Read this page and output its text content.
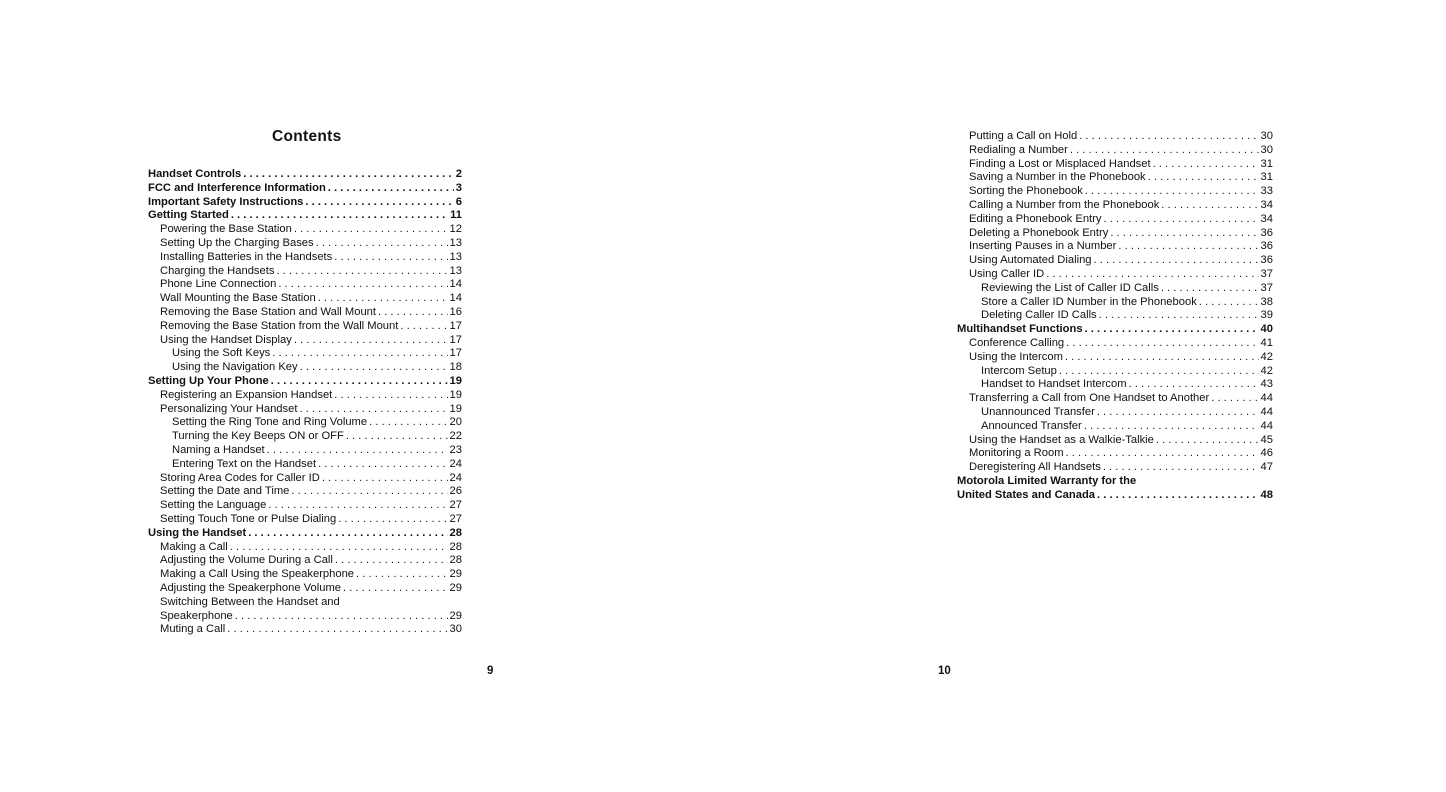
Contents
Handset Controls . . .	2
FCC and Interference Information . . .	3
Important Safety Instructions . . .	6
Getting Started . . .	11
Powering the Base Station . . .	12
Setting Up the Charging Bases . . .	13
Installing Batteries in the Handsets . . .	13
Charging the Handsets . . .	13
Phone Line Connection . . .	14
Wall Mounting the Base Station . . .	14
Removing the Base Station and Wall Mount . . .	16
Removing the Base Station from the Wall Mount . . .	17
Using the Handset Display . . .	17
Using the Soft Keys . . .	17
Using the Navigation Key . . .	18
Setting Up Your Phone . . .	19
Registering an Expansion Handset . . .	19
Personalizing Your Handset . . .	19
Setting the Ring Tone and Ring Volume . . .	20
Turning the Key Beeps ON or OFF . . .	22
Naming a Handset . . .	23
Entering Text on the Handset . . .	24
Storing Area Codes for Caller ID . . .	24
Setting the Date and Time . . .	26
Setting the Language . . .	27
Setting Touch Tone or Pulse Dialing . . .	27
Using the Handset . . .	28
Making a Call . . .	28
Adjusting the Volume During a Call . . .	28
Making a Call Using the Speakerphone . . .	29
Adjusting the Speakerphone Volume . . .	29
Switching Between the Handset and
Speakerphone . . .	29
Muting a Call . . .	30
Putting a Call on Hold . . .	30
Redialing a Number . . .	30
Finding a Lost or Misplaced Handset . . .	31
Saving a Number in the Phonebook . . .	31
Sorting the Phonebook . . .	33
Calling a Number from the Phonebook . . .	34
Editing a Phonebook Entry . . .	34
Deleting a Phonebook Entry . . .	36
Inserting Pauses in a Number . . .	36
Using Automated Dialing . . .	36
Using Caller ID . . .	37
Reviewing the List of Caller ID Calls . . .	37
Store a Caller ID Number in the Phonebook . . .	38
Deleting Caller ID Calls . . .	39
Multihandset Functions . . .	40
Conference Calling . . .	41
Using the Intercom . . .	42
Intercom Setup . . .	42
Handset to Handset Intercom . . .	43
Transferring a Call from One Handset to Another . . .	44
Unannounced Transfer . . .	44
Announced Transfer . . .	44
Using the Handset as a Walkie-Talkie . . .	45
Monitoring a Room . . .	46
Deregistering All Handsets . . .	47
Motorola Limited Warranty for the
United States and Canada . . .	48
9	10
